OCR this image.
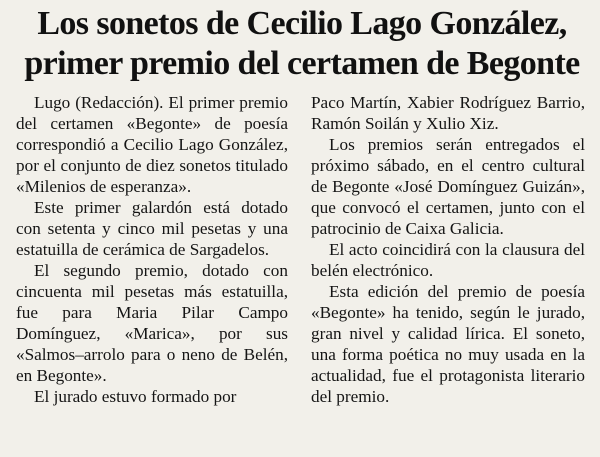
Los sonetos de Cecilio Lago González,
primer premio del certamen de Begonte

Lugo (Redacción). El primer premio del certamen «Begonte» de poesía correspondió a Cecilio Lago González, por el conjunto de diez sonetos titulado «Milenios de esperanza».

Este primer galardón está dotado con setenta y cinco mil pesetas y una estatuilla de cerámica de Sargadelos.

El segundo premio, dotado con cincuenta mil pesetas más estatuilla, fue para Maria Pilar Campo Domínguez, «Marica», por sus «Salmos–arrolo para o neno de Belén, en Begonte».

El jurado estuvo formado por

Paco Martín, Xabier Rodríguez Barrio, Ramón Soilán y Xulio Xiz.

Los premios serán entregados el próximo sábado, en el centro cultural de Begonte «José Domínguez Guizán», que convocó el certamen, junto con el patrocinio de Caixa Galicia.

El acto coincidirá con la clausura del belén electrónico.

Esta edición del premio de poesía «Begonte» ha tenido, según le jurado, gran nivel y calidad lírica. El soneto, una forma poética no muy usada en la actualidad, fue el protagonista literario del premio.
